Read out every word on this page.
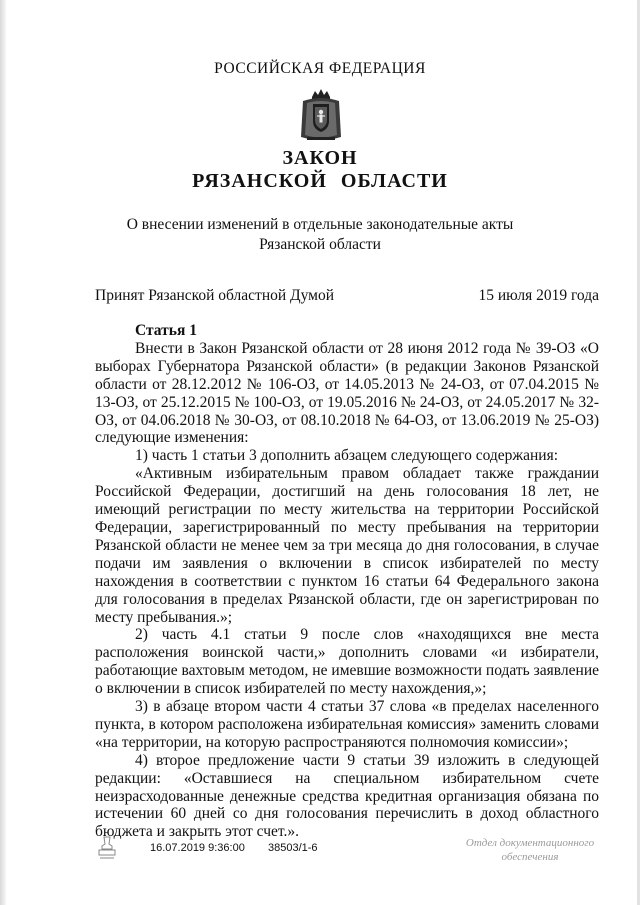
РОССИЙСКАЯ ФЕДЕРАЦИЯ
ЗАКОН
РЯЗАНСКОЙ ОБЛАСТИ
О внесении изменений в отдельные законодательные акты
Рязанской области
Принят Рязанской областной Думой	15 июля 2019 года

Статья 1

Внести в Закон Рязанской области от 28 июня 2012 года № 39-ОЗ «О выборах Губернатора Рязанской области» (в редакции Законов Рязанской области от 28.12.2012 № 106-ОЗ, от 14.05.2013 № 24-ОЗ, от 07.04.2015 № 13-ОЗ, от 25.12.2015 № 100-ОЗ, от 19.05.2016 № 24-ОЗ, от 24.05.2017 № 32-ОЗ, от 04.06.2018 № 30-ОЗ, от 08.10.2018 № 64-ОЗ, от 13.06.2019 № 25-ОЗ) следующие изменения:

1) часть 1 статьи 3 дополнить абзацем следующего содержания:

«Активным избирательным правом обладает также граждании Российской Федерации, достигший на день голосования 18 лет, не имеющий регистрации по месту жительства на территории Российской Федерации, зарегистрированный по месту пребывания на территории Рязанской области не менее чем за три месяца до дня голосования, в случае подачи им заявления о включении в список избирателей по месту нахождения в соответствии с пунктом 16 статьи 64 Федерального закона для голосования в пределах Рязанской области, где он зарегистрирован по месту пребывания.»;

2) часть 4.1 статьи 9 после слов «находящихся вне места расположения воинской части,» дополнить словами «и избиратели, работающие вахтовым методом, не имевшие возможности подать заявление о включении в список избирателей по месту нахождения,»;

3) в абзаце втором части 4 статьи 37 слова «в пределах населенного пункта, в котором расположена избирательная комиссия» заменить словами «на территории, на которую распространяются полномочия комиссии»;

4) второе предложение части 9 статьи 39 изложить в следующей редакции: «Оставшиеся на специальном избирательном счете неизрасходованные денежные средства кредитная организация обязана по истечении 60 дней со дня голосования перечислить в доход областного бюджета и закрыть этот счет.».

16.07.2019 9:36:00 38503/1-6	Отдел документационного
обеспечения
